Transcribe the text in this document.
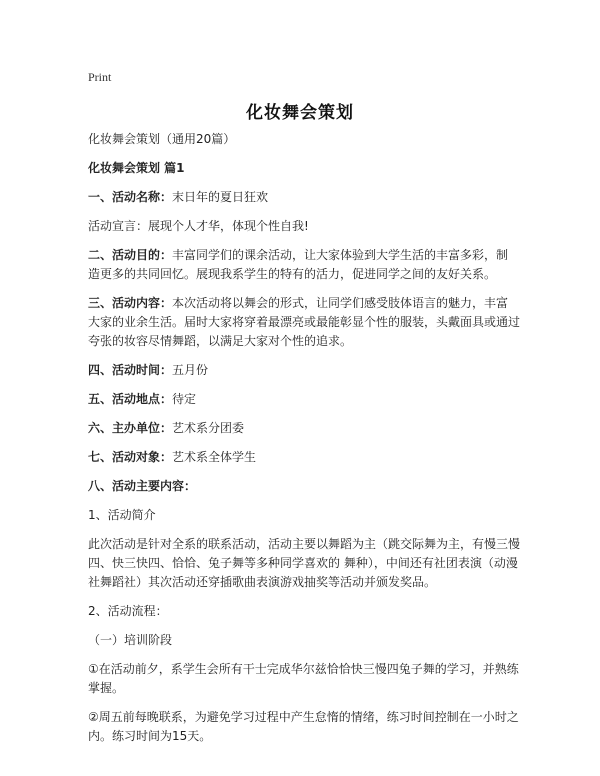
Print
化妆舞会策划

化妆舞会策划（通用20篇）

化妆舞会策划 篇1

一、活动名称：末日年的夏日狂欢

活动宣言：展现个人才华，体现个性自我!

二、活动目的：丰富同学们的课余活动，让大家体验到大学生活的丰富多彩，制造更多的共同回忆。展现我系学生的特有的活力，促进同学之间的友好关系。

三、活动内容：本次活动将以舞会的形式，让同学们感受肢体语言的魅力，丰富大家的业余生活。届时大家将穿着最漂亮或最能彰显个性的服装，头戴面具或通过夸张的妆容尽情舞蹈，以满足大家对个性的追求。

四、活动时间：五月份

五、活动地点：待定

六、主办单位：艺术系分团委

七、活动对象：艺术系全体学生

八、活动主要内容：

1、活动简介

此次活动是针对全系的联系活动，活动主要以舞蹈为主（跳交际舞为主，有慢三慢四、快三快四、恰恰、兔子舞等多种同学喜欢的 舞种），中间还有社团表演（动漫社舞蹈社）其次活动还穿插歌曲表演游戏抽奖等活动并颁发奖品。

2、活动流程：

（一）培训阶段

①在活动前夕，系学生会所有干士完成华尔兹恰恰快三慢四兔子舞的学习，并熟练掌握。

②周五前每晚联系，为避免学习过程中产生怠惰的情绪，练习时间控制在一小时之内。练习时间为15天。
